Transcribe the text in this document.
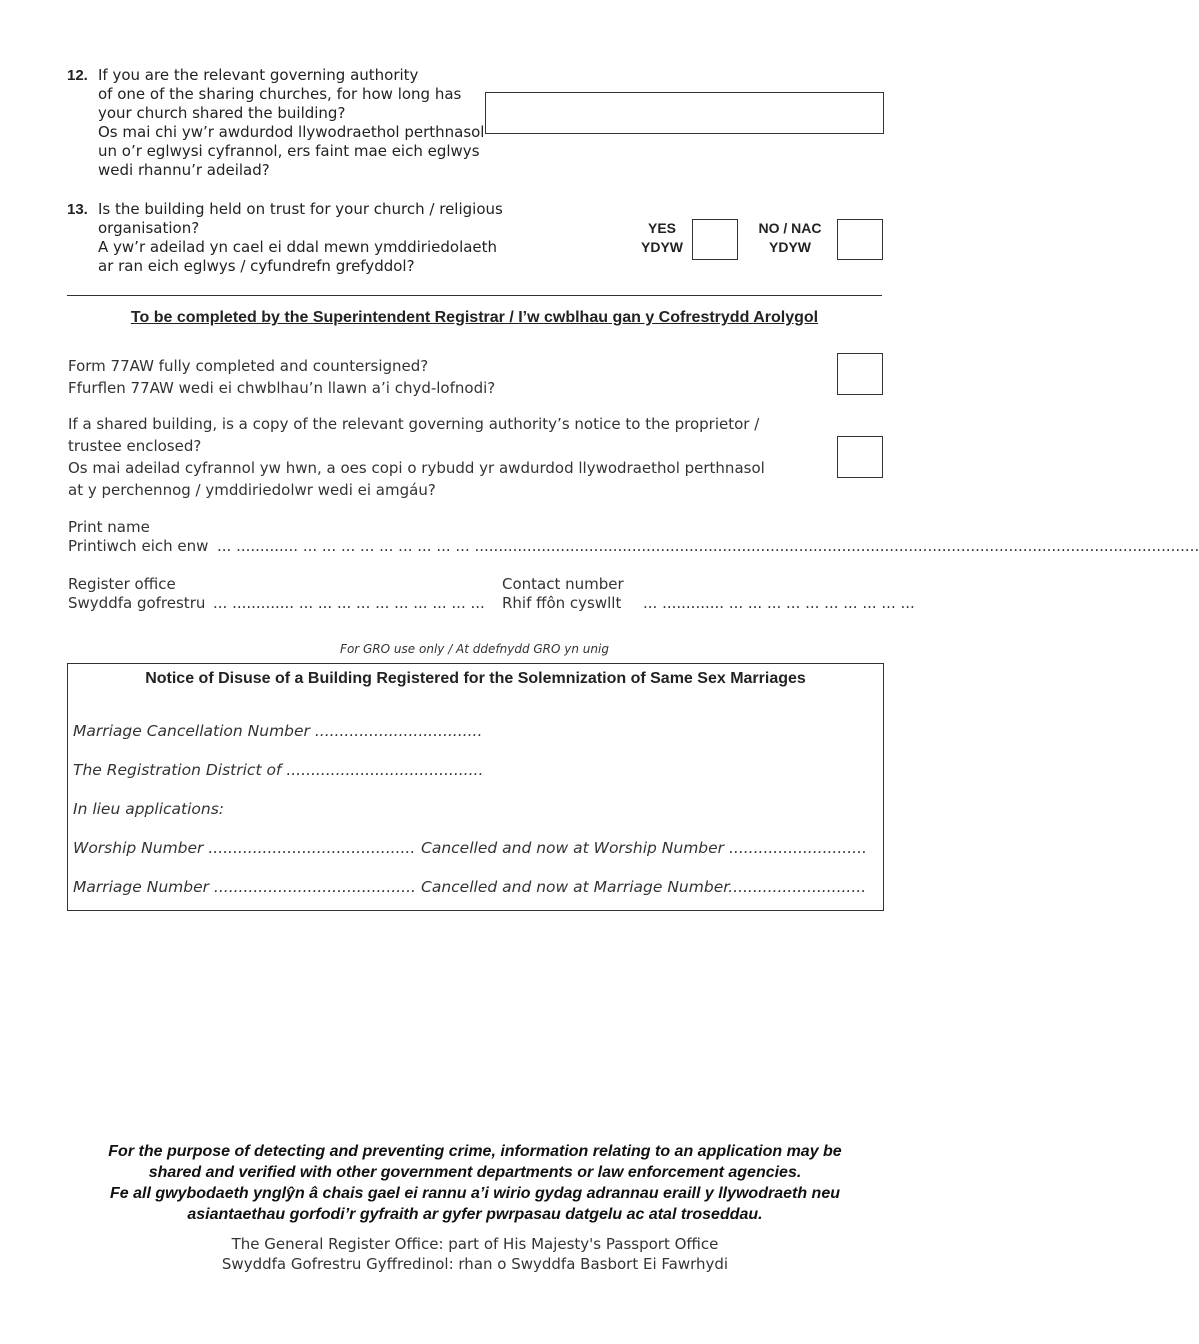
12. If you are the relevant governing authority
of one of the sharing churches, for how long has
your church shared the building?
Os mai chi yw’r awdurdod llywodraethol perthnasol
un o’r eglwysi cyfrannol, ers faint mae eich eglwys
wedi rhannu’r adeilad?
13. Is the building held on trust for your church / religious
organisation?
A yw’r adeilad yn cael ei ddal mewn ymddiriedolaeth
ar ran eich eglwys / cyfundrefn grefyddol?
YES
YDYW
NO / NAC
YDYW
To be completed by the Superintendent Registrar / I’w cwblhau gan y Cofrestrydd Arolygol
Form 77AW fully completed and countersigned?
Ffurflen 77AW wedi ei chwblhau’n llawn a’i chyd-lofnodi?
If a shared building, is a copy of the relevant governing authority’s notice to the proprietor /
trustee enclosed?
Os mai adeilad cyfrannol yw hwn, a oes copi o rybudd yr awdurdod llywodraethol perthnasol
at y perchennog / ymddiriedolwr wedi ei amgáu?
Print name
Printiwch eich enw ... ............. ... ... ... ... ... ... ... ... ... ........................................................................................................................................................
Register office
Swyddfa gofrestru ... ............. ... ... ... ... ... ... ... ... ... ...
Contact number
Rhif ffôn cyswllt ... ............. ... ... ... ... ... ... ... ... ... ...
For GRO use only / At ddefnydd GRO yn unig
Notice of Disuse of a Building Registered for the Solemnization of Same Sex Marriages
Marriage Cancellation Number ..................................
The Registration District of ........................................
In lieu applications:
Worship Number .......................................... Cancelled and now at Worship Number ............................
Marriage Number ......................................... Cancelled and now at Marriage Number............................
For the purpose of detecting and preventing crime, information relating to an application may be
shared and verified with other government departments or law enforcement agencies.
Fe all gwybodaeth ynglŷn â chais gael ei rannu a’i wirio gydag adrannau eraill y llywodraeth neu
asiantaethau gorfodi’r gyfraith ar gyfer pwrpasau datgelu ac atal troseddau.
The General Register Office: part of His Majesty's Passport Office
Swyddfa Gofrestru Gyffredinol: rhan o Swyddfa Basbort Ei Fawrhydi
